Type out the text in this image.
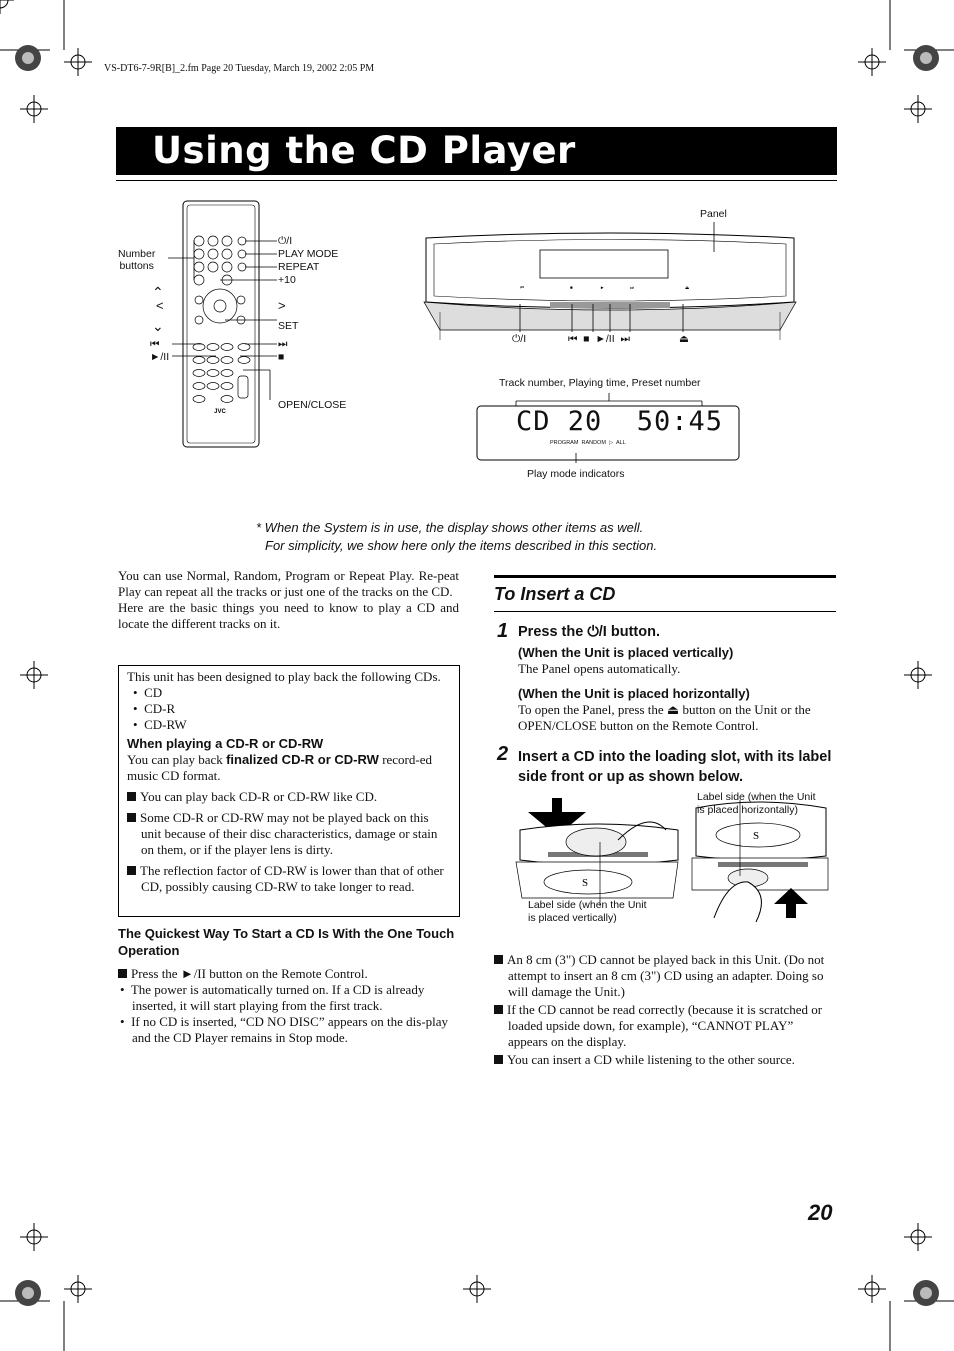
VS-DT6-7-9R[B]_2.fm Page 20 Tuesday, March 19, 2002 2:05 PM
Using the CD Player
JVC
Number
buttons
⏻/I
PLAY MODE
REPEAT
+10
SET
OPEN/CLOSE
⌃
<	>
⌄
⏮
►/II
⏭
■
⏮	■	►	⏭	⏏
Panel
⏻/I	⏮  ■  ►/II  ⏭	⏏
Track number, Playing time, Preset number
CD 20  50:45
PROGRAM  RANDOM  ▷  ALL
Play mode indicators
* When the System is in use, the display shows other items as well.
For simplicity, we show here only the items described in this section.
You can use Normal, Random, Program or Repeat Play. Re-peat Play can repeat all the tracks or just one of the tracks on the CD.
Here are the basic things you need to know to play a CD and locate the different tracks on it.
This unit has been designed to play back the following CDs.
•  CD
•  CD-R
•  CD-RW
When playing a CD-R or CD-RW
You can play back finalized CD-R or CD-RW record-ed music CD format.
You can play back CD-R or CD-RW like CD.
Some CD-R or CD-RW may not be played back on this unit because of their disc characteristics, damage or stain on them, or if the player lens is dirty.
The reflection factor of CD-RW is lower than that of other CD, possibly causing CD-RW to take longer to read.
The Quickest Way To Start a CD Is With the One Touch Operation
Press the ►/II button on the Remote Control.
•  The power is automatically turned on. If a CD is already inserted, it will start playing from the first track.
•  If no CD is inserted, “CD NO DISC” appears on the dis-play and the CD Player remains in Stop mode.
To Insert a CD
1 Press the ⏻/I button.
(When the Unit is placed vertically)
The Panel opens automatically.
(When the Unit is placed horizontally)
To open the Panel, press the ⏏ button on the Unit or the OPEN/CLOSE button on the Remote Control.
2 Insert a CD into the loading slot, with its label side front or up as shown below.
S
S
Label side (when the Unit
is placed horizontally)
Label side (when the Unit
is placed vertically)
An 8 cm (3") CD cannot be played back in this Unit. (Do not attempt to insert an 8 cm (3") CD using an adapter. Doing so will damage the Unit.)
If the CD cannot be read correctly (because it is scratched or loaded upside down, for example), “CANNOT PLAY” appears on the display.
You can insert a CD while listening to the other source.
20
